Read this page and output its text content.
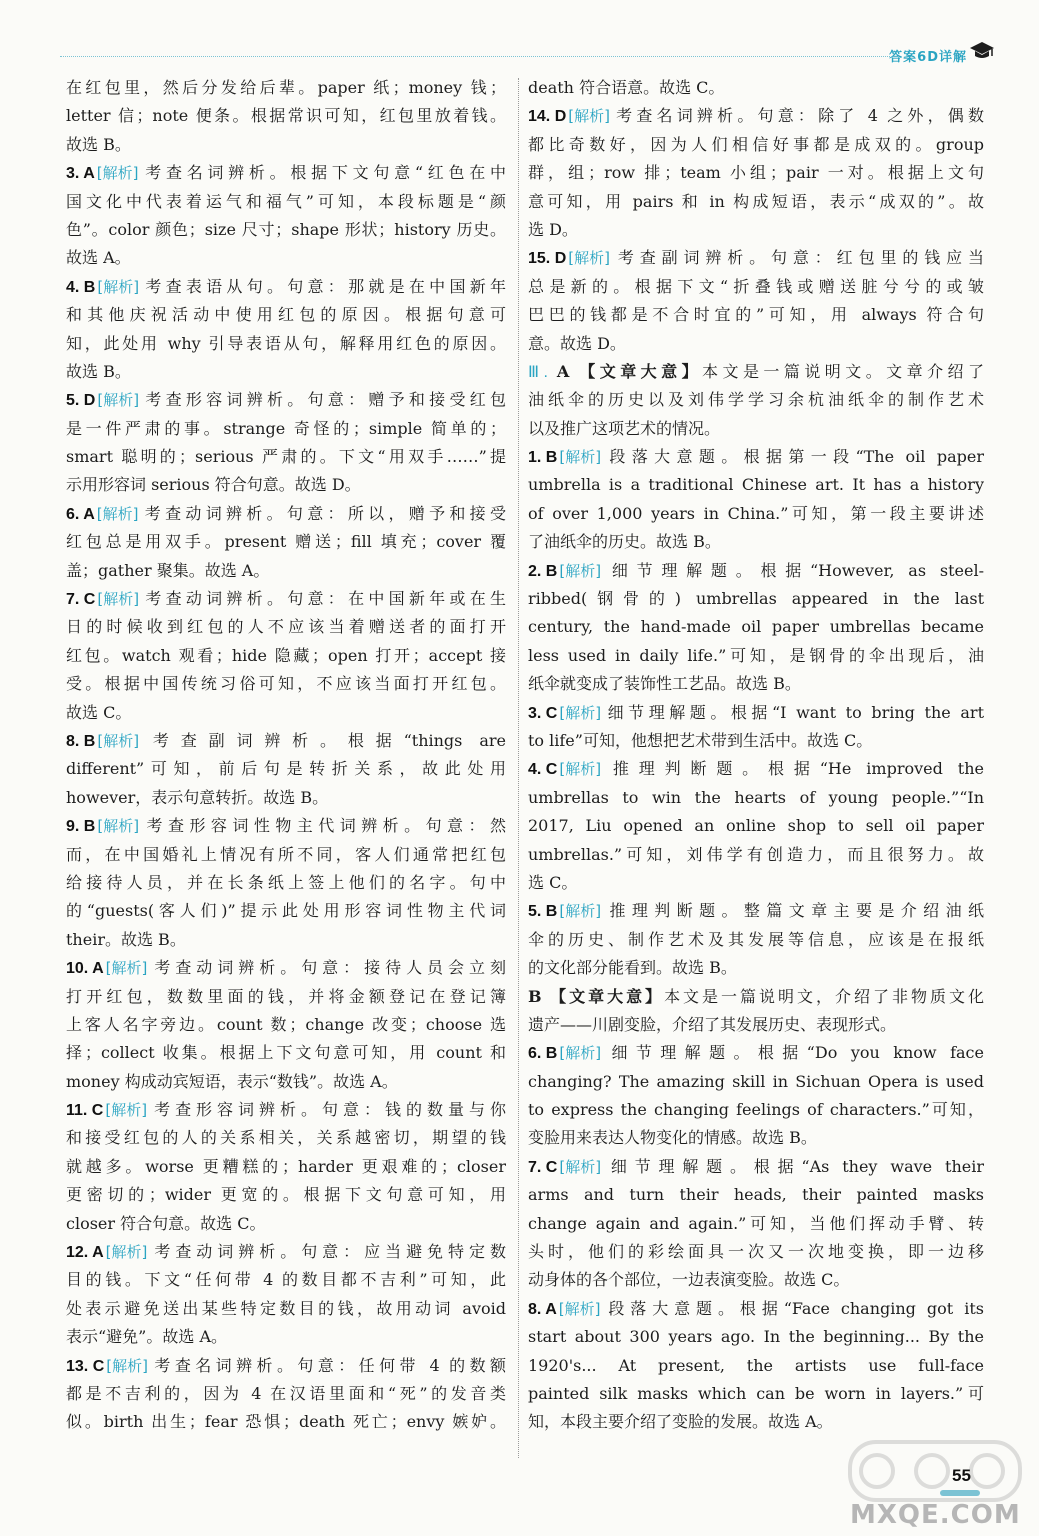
答案6D详解
在红包里，然后分发给后辈。paper 纸；money 钱；
letter 信；note 便条。根据常识可知，红包里放着钱。
故选 B。
3. A [解析] 考查名词辨析。根据下文句意“红色在中
国文化中代表着运气和福气”可知，本段标题是“颜
色”。color 颜色；size 尺寸；shape 形状；history 历史。
故选 A。
4. B [解析] 考查表语从句。句意：那就是在中国新年
和其他庆祝活动中使用红包的原因。根据句意可
知，此处用 why 引导表语从句，解释用红色的原因。
故选 B。
5. D [解析] 考查形容词辨析。句意：赠予和接受红包
是一件严肃的事。strange 奇怪的；simple 简单的；
smart 聪明的；serious 严肃的。下文“用双手……”提
示用形容词 serious 符合句意。故选 D。
6. A [解析] 考查动词辨析。句意：所以，赠予和接受
红包总是用双手。present 赠送；fill 填充；cover 覆
盖；gather 聚集。故选 A。
7. C [解析] 考查动词辨析。句意：在中国新年或在生
日的时候收到红包的人不应该当着赠送者的面打开
红包。watch 观看；hide 隐藏；open 打开；accept 接
受。根据中国传统习俗可知，不应该当面打开红包。
故选 C。
8. B [解析] 考查副词辨析。根据“things are
different”可知，前后句是转折关系，故此处用
however，表示句意转折。故选 B。
9. B [解析] 考查形容词性物主代词辨析。句意：然
而，在中国婚礼上情况有所不同，客人们通常把红包
给接待人员，并在长条纸上签上他们的名字。句中
的“guests(客人们)”提示此处用形容词性物主代词
their。故选 B。
10. A [解析] 考查动词辨析。句意：接待人员会立刻
打开红包，数数里面的钱，并将金额登记在登记簿
上客人名字旁边。count 数；change 改变；choose 选
择；collect 收集。根据上下文句意可知，用 count 和
money 构成动宾短语，表示“数钱”。故选 A。
11. C [解析] 考查形容词辨析。句意：钱的数量与你
和接受红包的人的关系相关，关系越密切，期望的钱
就越多。worse 更糟糕的；harder 更艰难的；closer
更密切的；wider 更宽的。根据下文句意可知，用
closer 符合句意。故选 C。
12. A [解析] 考查动词辨析。句意：应当避免特定数
目的钱。下文“任何带 4 的数目都不吉利”可知，此
处表示避免送出某些特定数目的钱，故用动词 avoid
表示“避免”。故选 A。
13. C [解析] 考查名词辨析。句意：任何带 4 的数额
都是不吉利的，因为 4 在汉语里面和“死”的发音类
似。birth 出生；fear 恐惧；death 死亡；envy 嫉妒。
death 符合语意。故选 C。
14. D [解析] 考查名词辨析。句意：除了 4 之外，偶数
都比奇数好，因为人们相信好事都是成双的。group
群，组；row 排；team 小组；pair 一对。根据上文句
意可知，用 pairs 和 in 构成短语，表示“成双的”。故
选 D。
15. D [解析] 考查副词辨析。句意：红包里的钱应当
总是新的。根据下文“折叠钱或赠送脏兮兮的或皱
巴巴的钱都是不合时宜的”可知，用 always 符合句
意。故选 D。
Ⅲ. A 【文章大意】本文是一篇说明文。文章介绍了
油纸伞的历史以及刘伟学学习余杭油纸伞的制作艺术
以及推广这项艺术的情况。
1. B [解析] 段落大意题。根据第一段“The oil paper
umbrella is a traditional Chinese art. It has a history
of over 1,000 years in China.”可知，第一段主要讲述
了油纸伞的历史。故选 B。
2. B [解析] 细节理解题。根据“However, as steel-
ribbed(钢骨的) umbrellas appeared in the last
century, the hand-made oil paper umbrellas became
less used in daily life.”可知，是钢骨的伞出现后，油
纸伞就变成了装饰性工艺品。故选 B。
3. C [解析] 细节理解题。根据“I want to bring the art
to life”可知，他想把艺术带到生活中。故选 C。
4. C [解析] 推理判断题。根据“He improved the
umbrellas to win the hearts of young people.”“In
2017, Liu opened an online shop to sell oil paper
umbrellas.”可知，刘伟学有创造力，而且很努力。故
选 C。
5. B [解析] 推理判断题。整篇文章主要是介绍油纸
伞的历史、制作艺术及其发展等信息，应该是在报纸
的文化部分能看到。故选 B。
B 【文章大意】本文是一篇说明文，介绍了非物质文化
遗产——川剧变脸，介绍了其发展历史、表现形式。
6. B [解析] 细节理解题。根据“Do you know face
changing? The amazing skill in Sichuan Opera is used
to express the changing feelings of characters.”可知，
变脸用来表达人物变化的情感。故选 B。
7. C [解析] 细节理解题。根据“As they wave their
arms and turn their heads, their painted masks
change again and again.”可知，当他们挥动手臂、转
头时，他们的彩绘面具一次又一次地变换，即一边移
动身体的各个部位，一边表演变脸。故选 C。
8. A [解析] 段落大意题。根据“Face changing got its
start about 300 years ago. In the beginning... By the
1920's... At present, the artists use full-face
painted silk masks which can be worn in layers.”可
知，本段主要介绍了变脸的发展。故选 A。
MXQE.COM
55
